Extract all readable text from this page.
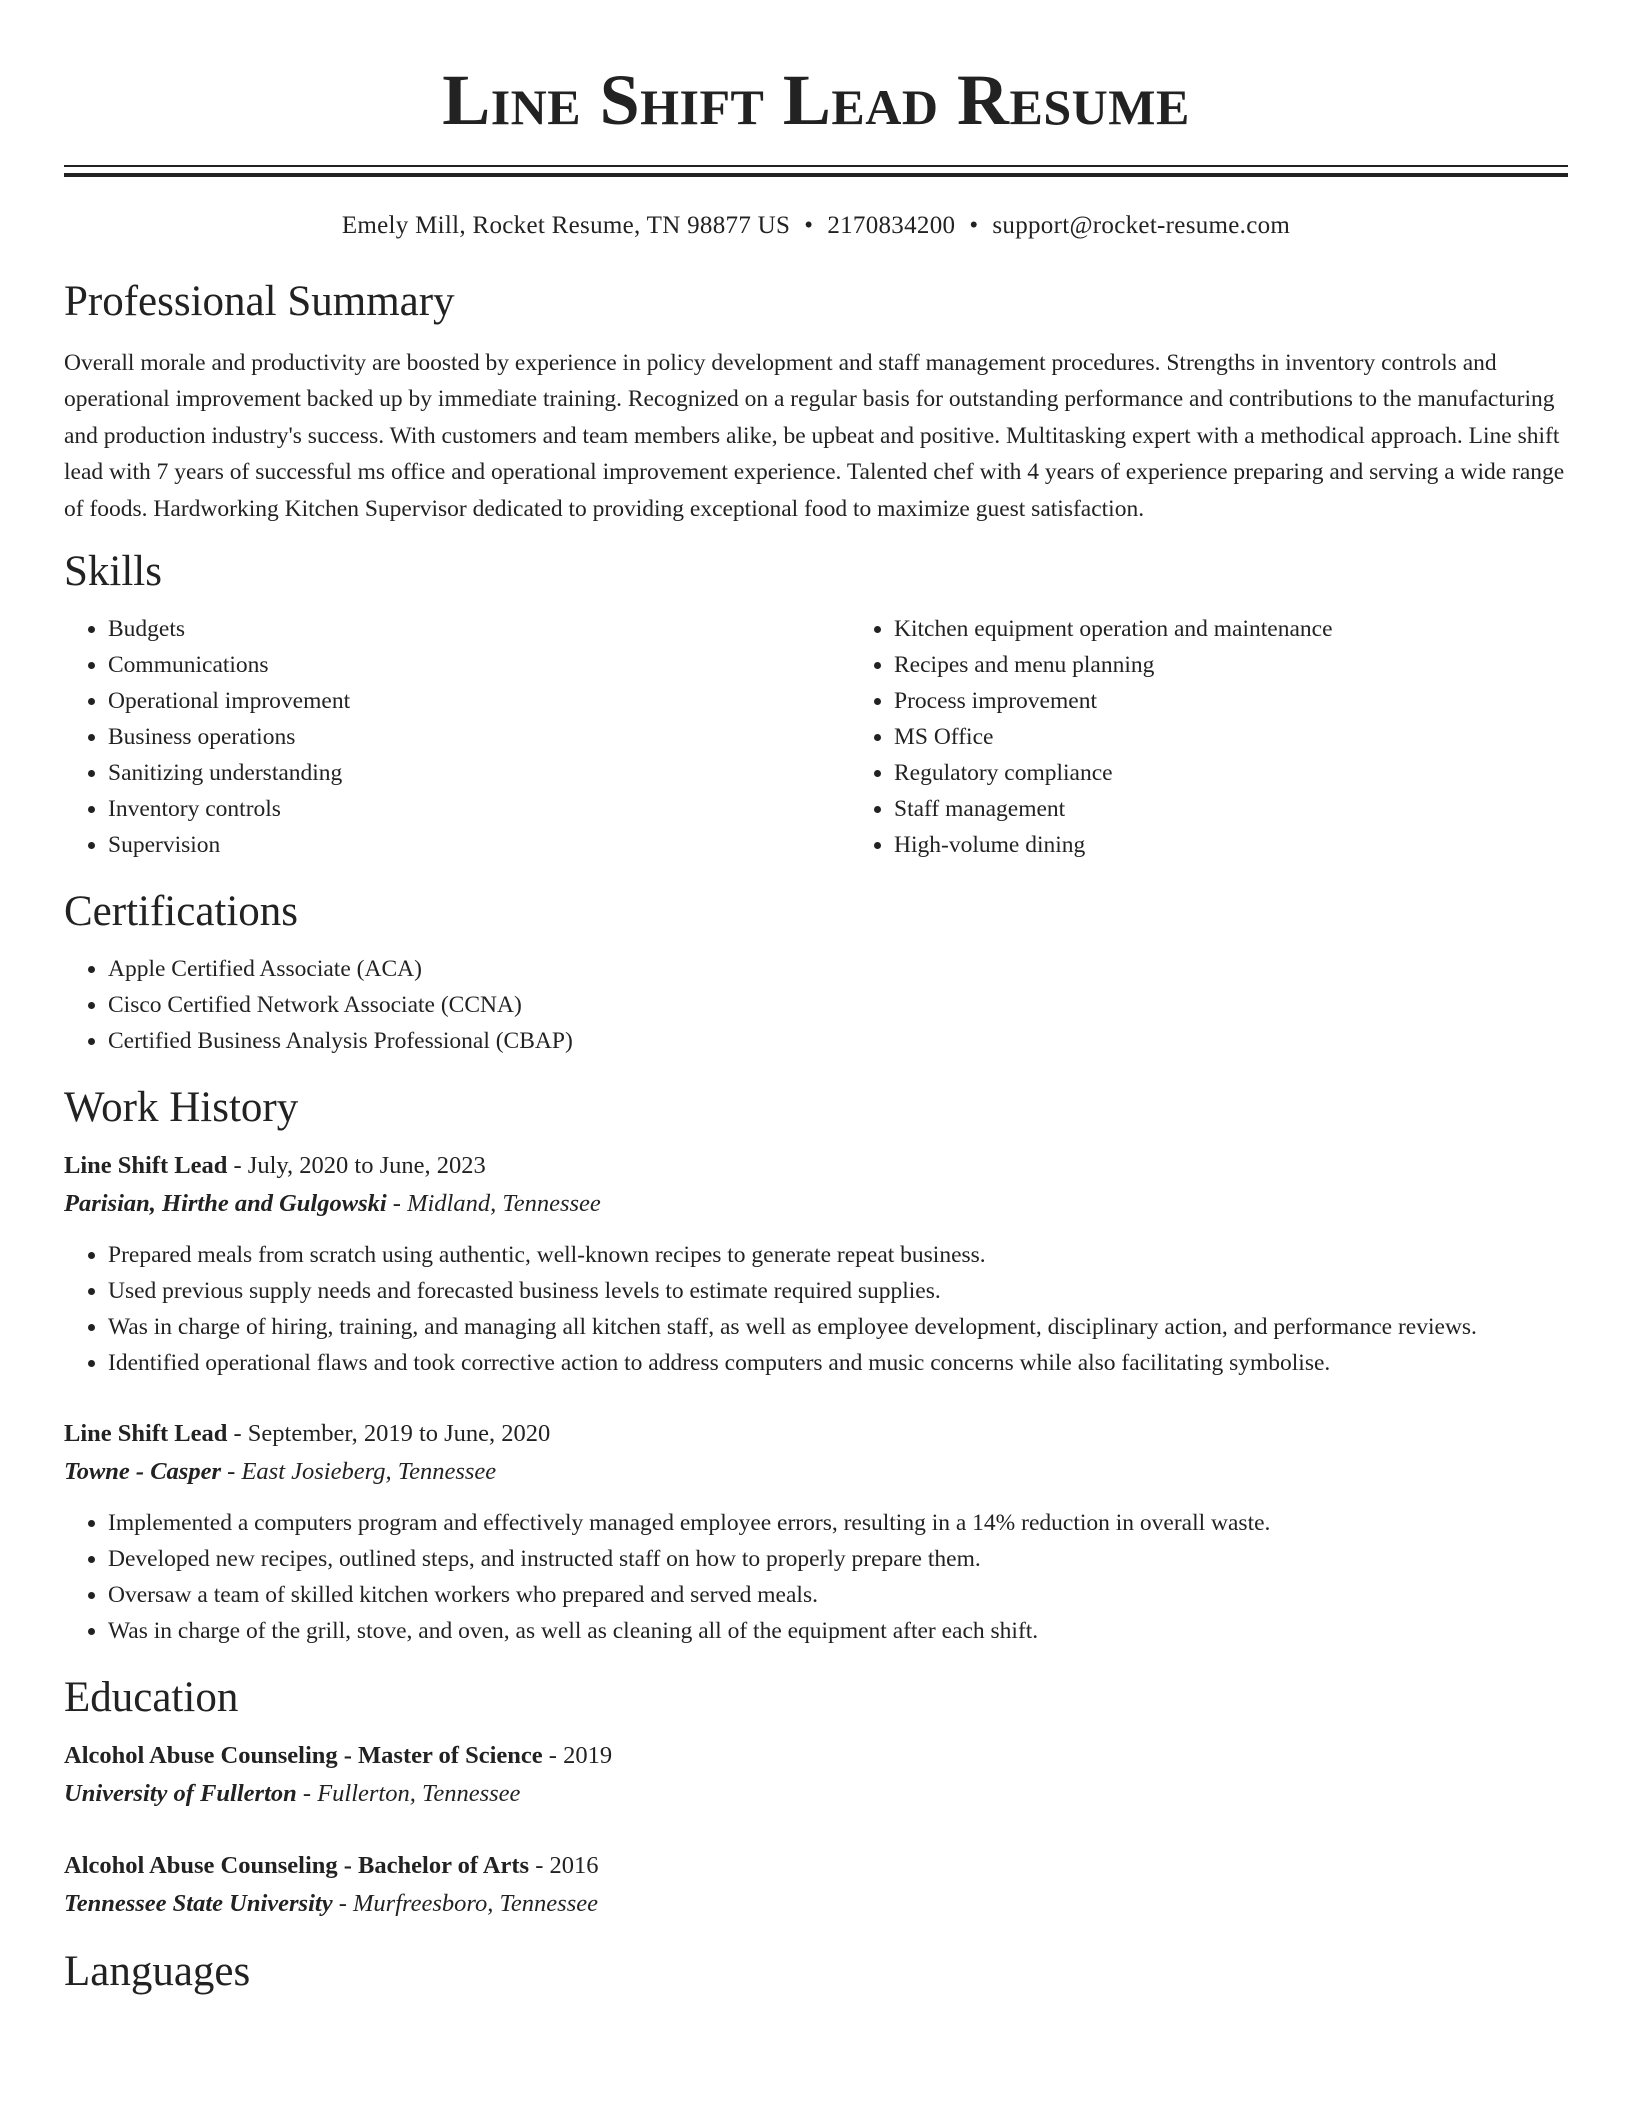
Line Shift Lead Resume
Emely Mill, Rocket Resume, TN 98877 US • 2170834200 • support@rocket-resume.com
Professional Summary

Overall morale and productivity are boosted by experience in policy development and staff management procedures. Strengths in inventory controls and operational improvement backed up by immediate training. Recognized on a regular basis for outstanding performance and contributions to the manufacturing and production industry's success. With customers and team members alike, be upbeat and positive. Multitasking expert with a methodical approach. Line shift lead with 7 years of successful ms office and operational improvement experience. Talented chef with 4 years of experience preparing and serving a wide range of foods. Hardworking Kitchen Supervisor dedicated to providing exceptional food to maximize guest satisfaction.

Skills
• Budgets
• Communications
• Operational improvement
• Business operations
• Sanitizing understanding
• Inventory controls
• Supervision
• Kitchen equipment operation and maintenance
• Recipes and menu planning
• Process improvement
• MS Office
• Regulatory compliance
• Staff management
• High-volume dining
Certifications
• Apple Certified Associate (ACA)
• Cisco Certified Network Associate (CCNA)
• Certified Business Analysis Professional (CBAP)
Work History
Line Shift Lead - July, 2020 to June, 2023
Parisian, Hirthe and Gulgowski - Midland, Tennessee
• Prepared meals from scratch using authentic, well-known recipes to generate repeat business.
• Used previous supply needs and forecasted business levels to estimate required supplies.
• Was in charge of hiring, training, and managing all kitchen staff, as well as employee development, disciplinary action, and performance reviews.
• Identified operational flaws and took corrective action to address computers and music concerns while also facilitating symbolise.
Line Shift Lead - September, 2019 to June, 2020
Towne - Casper - East Josieberg, Tennessee
• Implemented a computers program and effectively managed employee errors, resulting in a 14% reduction in overall waste.
• Developed new recipes, outlined steps, and instructed staff on how to properly prepare them.
• Oversaw a team of skilled kitchen workers who prepared and served meals.
• Was in charge of the grill, stove, and oven, as well as cleaning all of the equipment after each shift.
Education
Alcohol Abuse Counseling - Master of Science - 2019
University of Fullerton - Fullerton, Tennessee
Alcohol Abuse Counseling - Bachelor of Arts - 2016
Tennessee State University - Murfreesboro, Tennessee
Languages
